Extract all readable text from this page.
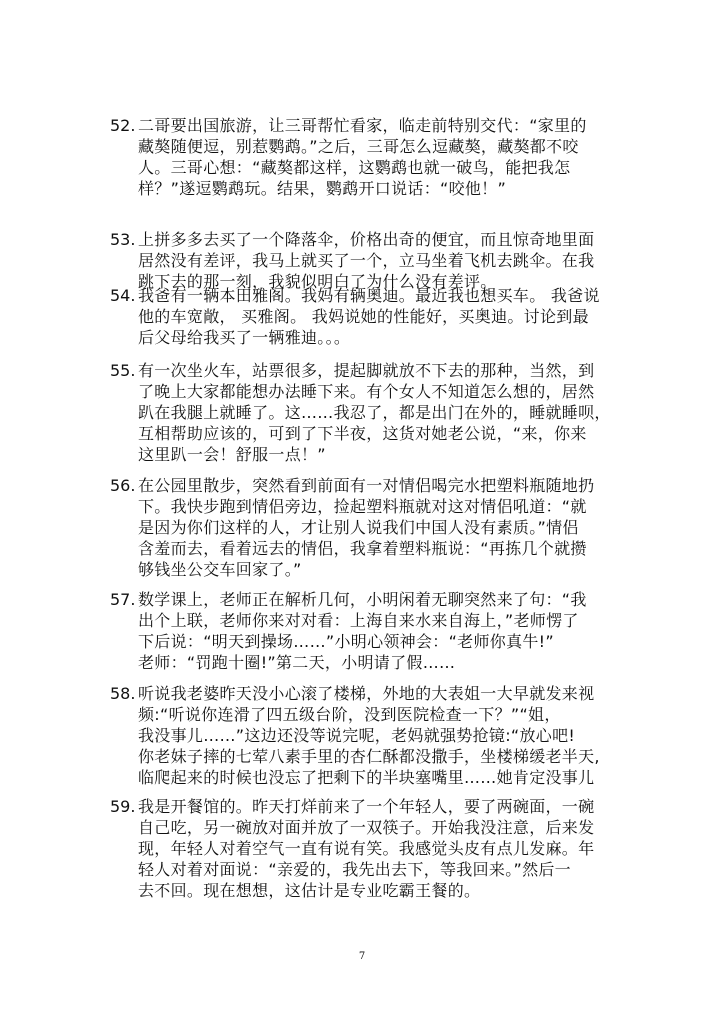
52. 二哥要出国旅游，让三哥帮忙看家，临走前特别交代：“家里的
藏獒随便逗，别惹鹦鹉。”之后，三哥怎么逗藏獒，藏獒都不咬
人。三哥心想：“藏獒都这样，这鹦鹉也就一破鸟，能把我怎
样？”遂逗鹦鹉玩。结果，鹦鹉开口说话：“咬他！”
53. 上拼多多去买了一个降落伞，价格出奇的便宜，而且惊奇地里面
居然没有差评，我马上就买了一个，立马坐着飞机去跳伞。在我
跳下去的那一刻，我貌似明白了为什么没有差评。
54. 我爸有一辆本田雅阁。我妈有辆奥迪。最近我也想买车。 我爸说
他的车宽敞， 买雅阁。 我妈说她的性能好，买奥迪。讨论到最
后父母给我买了一辆雅迪。。。
55. 有一次坐火车，站票很多，提起脚就放不下去的那种，当然，到
了晚上大家都能想办法睡下来。有个女人不知道怎么想的，居然
趴在我腿上就睡了。这……我忍了，都是出门在外的，睡就睡呗，
互相帮助应该的，可到了下半夜，这货对她老公说，“来，你来
这里趴一会！舒服一点！”
56. 在公园里散步，突然看到前面有一对情侣喝完水把塑料瓶随地扔
下。我快步跑到情侣旁边，捡起塑料瓶就对这对情侣吼道：“就
是因为你们这样的人，才让别人说我们中国人没有素质。”情侣
含羞而去，看着远去的情侣，我拿着塑料瓶说：“再拣几个就攒
够钱坐公交车回家了。”
57. 数学课上，老师正在解析几何，小明闲着无聊突然来了句：“我
出个上联，老师你来对对看：上海自来水来自海上，”老师愣了
下后说：“明天到操场……”小明心领神会：“老师你真牛!”
老师：“罚跑十圈!”第二天，小明请了假……
58. 听说我老婆昨天没小心滚了楼梯，外地的大表姐一大早就发来视
频:“听说你连滑了四五级台阶，没到医院检查一下？”“姐，
我没事儿……”这边还没等说完呢，老妈就强势抢镜:“放心吧!
你老妹子摔的七荤八素手里的杏仁酥都没撒手，坐楼梯缓老半天,
临爬起来的时候也没忘了把剩下的半块塞嘴里……她肯定没事儿
59. 我是开餐馆的。昨天打烊前来了一个年轻人，要了两碗面，一碗
自己吃，另一碗放对面并放了一双筷子。开始我没注意，后来发
现，年轻人对着空气一直有说有笑。我感觉头皮有点儿发麻。年
轻人对着对面说：“亲爱的，我先出去下，等我回来。”然后一
去不回。现在想想，这估计是专业吃霸王餐的。
7
